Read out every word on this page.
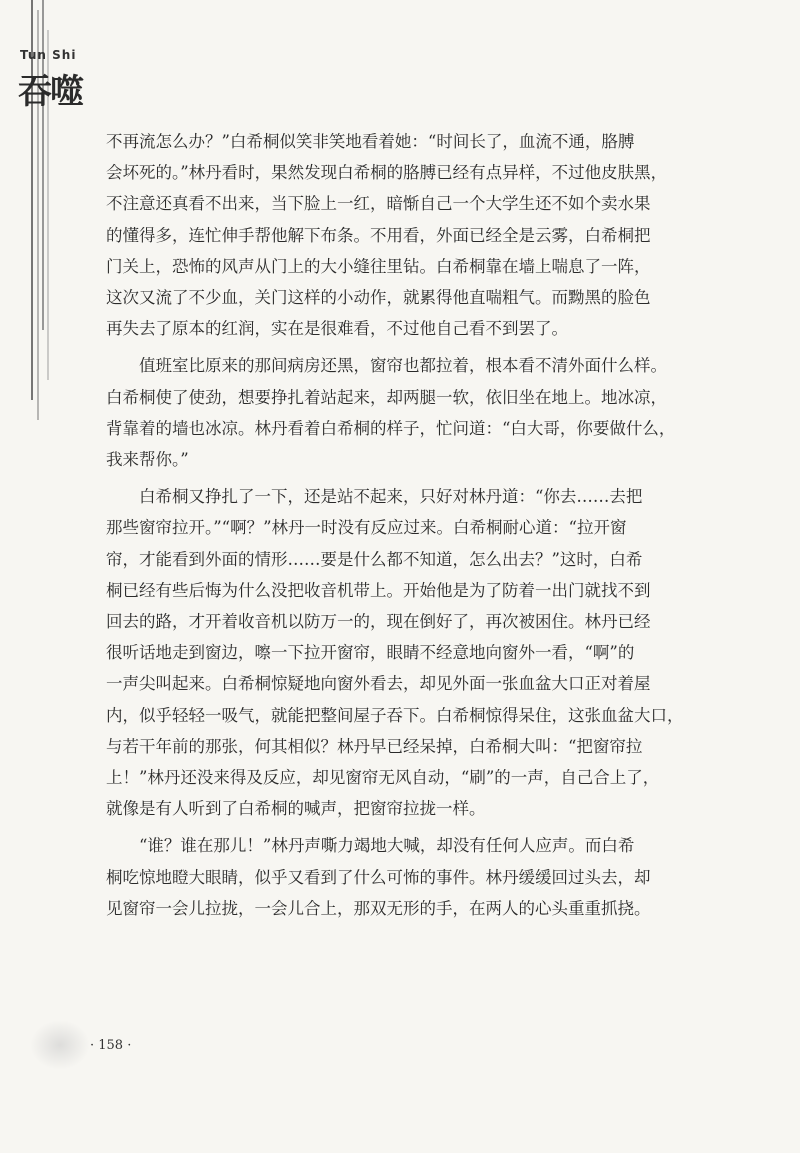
Tun Shi
吞噬

不再流怎么办？”白希桐似笑非笑地看着她：“时间长了，血流不通，胳膊
会坏死的。”林丹看时，果然发现白希桐的胳膊已经有点异样，不过他皮肤黑，
不注意还真看不出来，当下脸上一红，暗惭自己一个大学生还不如个卖水果
的懂得多，连忙伸手帮他解下布条。不用看，外面已经全是云雾，白希桐把
门关上，恐怖的风声从门上的大小缝往里钻。白希桐靠在墙上喘息了一阵，
这次又流了不少血，关门这样的小动作，就累得他直喘粗气。而黝黑的脸色
再失去了原本的红润，实在是很难看，不过他自己看不到罢了。

值班室比原来的那间病房还黑，窗帘也都拉着，根本看不清外面什么样。
白希桐使了使劲，想要挣扎着站起来，却两腿一软，依旧坐在地上。地冰凉，
背靠着的墙也冰凉。林丹看着白希桐的样子，忙问道：“白大哥，你要做什么，
我来帮你。”

白希桐又挣扎了一下，还是站不起来，只好对林丹道：“你去……去把
那些窗帘拉开。”“啊？”林丹一时没有反应过来。白希桐耐心道：“拉开窗
帘，才能看到外面的情形……要是什么都不知道，怎么出去？”这时，白希
桐已经有些后悔为什么没把收音机带上。开始他是为了防着一出门就找不到
回去的路，才开着收音机以防万一的，现在倒好了，再次被困住。林丹已经
很听话地走到窗边，嚓一下拉开窗帘，眼睛不经意地向窗外一看，“啊”的
一声尖叫起来。白希桐惊疑地向窗外看去，却见外面一张血盆大口正对着屋
内，似乎轻轻一吸气，就能把整间屋子吞下。白希桐惊得呆住，这张血盆大口，
与若干年前的那张，何其相似？林丹早已经呆掉，白希桐大叫：“把窗帘拉
上！”林丹还没来得及反应，却见窗帘无风自动，“刷”的一声，自己合上了，
就像是有人听到了白希桐的喊声，把窗帘拉拢一样。

“谁？谁在那儿！”林丹声嘶力竭地大喊，却没有任何人应声。而白希
桐吃惊地瞪大眼睛，似乎又看到了什么可怖的事件。林丹缓缓回过头去，却
见窗帘一会儿拉拢，一会儿合上，那双无形的手，在两人的心头重重抓挠。

· 158 ·
